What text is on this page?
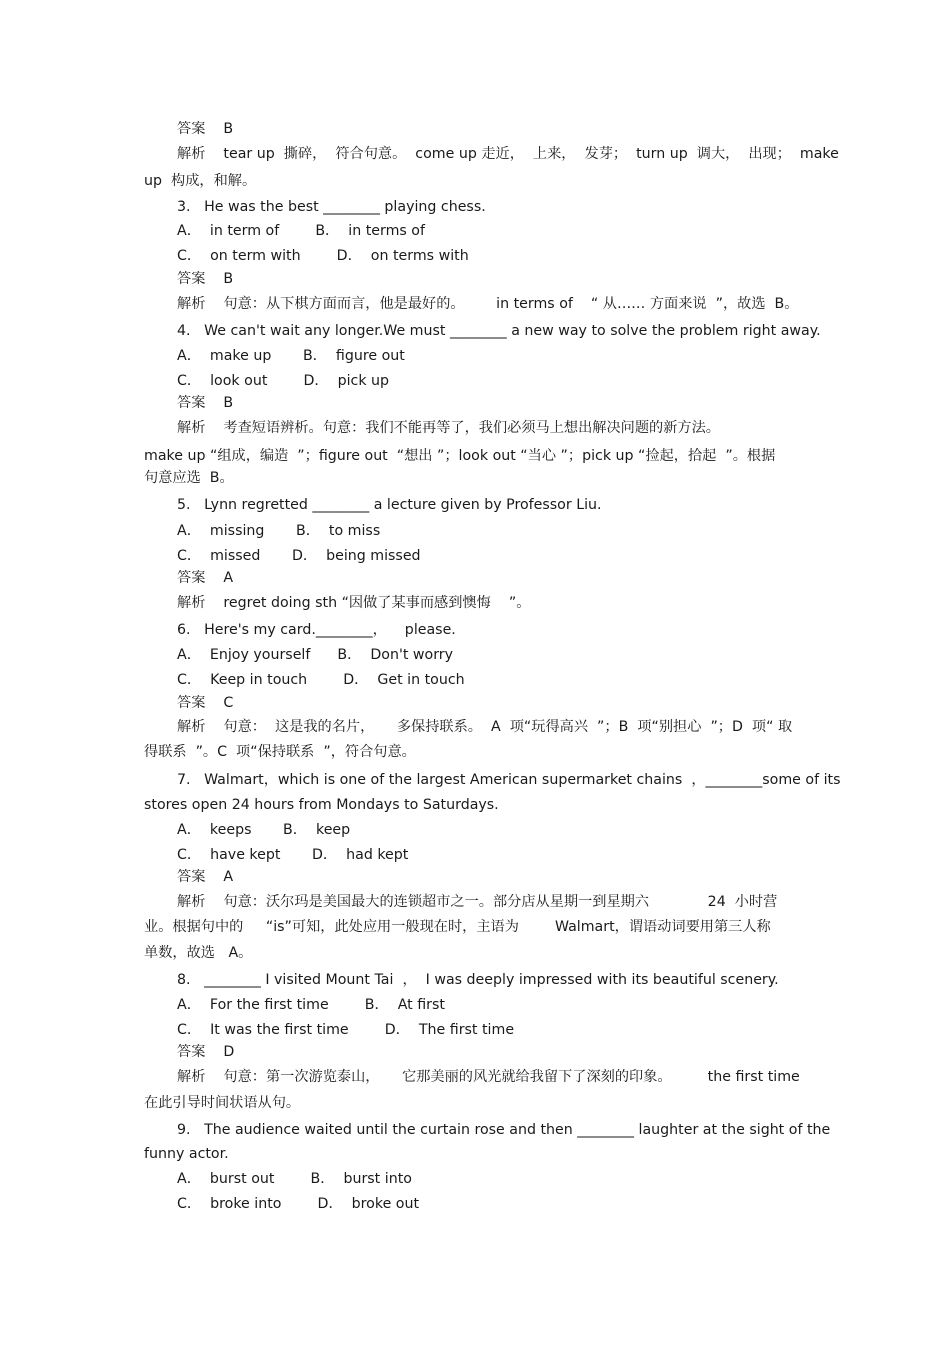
答案    B
解析    tear up  撕碎，  符合句意。  come up 走近，  上来，  发芽；  turn up  调大，  出现；  make
up  构成，和解。
3.   He was the best ________ playing chess.
A．  in term of        B．  in terms of
C．  on term with        D．  on terms with
答案    B
解析    句意：从下棋方面而言，他是最好的。       in terms of    “ 从…… 方面来说  ”，故选  B。
4.   We can't wait any longer.We must ________ a new way to solve the problem right away.
A．  make up       B．  figure out
C．  look out        D．  pick up
答案    B
解析    考查短语辨析。句意：我们不能再等了，我们必须马上想出解决问题的新方法。
make up “组成，编造  ”；figure out  “想出 ”；look out “当心 ”；pick up “捡起，拾起  ”。根据
句意应选  B。
5.   Lynn regretted ________ a lecture given by Professor Liu.
A．  missing       B．  to miss
C．  missed       D．  being missed
答案    A
解析    regret doing sth “因做了某事而感到懊悔    ”。
6.   Here's my card.________，    please.
A．  Enjoy yourself      B．  Don't worry
C．  Keep in touch        D．  Get in touch
答案    C
解析    句意：  这是我的名片，     多保持联系。  A  项“玩得高兴  ”；B  项“别担心  ”；D  项“ 取
得联系  ”。C  项“保持联系  ”，符合句意。
7.   Walmart，which is one of the largest American supermarket chains  ，________some of its
stores open 24 hours from Mondays to Saturdays.
A．  keeps       B．  keep
C．  have kept       D．  had kept
答案    A
解析    句意：沃尔玛是美国最大的连锁超市之一。部分店从星期一到星期六             24  小时营
业。根据句中的     “is”可知，此处应用一般现在时，主语为        Walmart，谓语动词要用第三人称
单数，故选   A。
8.   ________ I visited Mount Tai  ，  I was deeply impressed with its beautiful scenery.
A．  For the first time        B．  At first
C．  It was the first time        D．  The first time
答案    D
解析    句意：第一次游览泰山，     它那美丽的风光就给我留下了深刻的印象。        the first time
在此引导时间状语从句。
9.   The audience waited until the curtain rose and then ________ laughter at the sight of the
funny actor.
A．  burst out        B．  burst into
C．  broke into        D．  broke out
